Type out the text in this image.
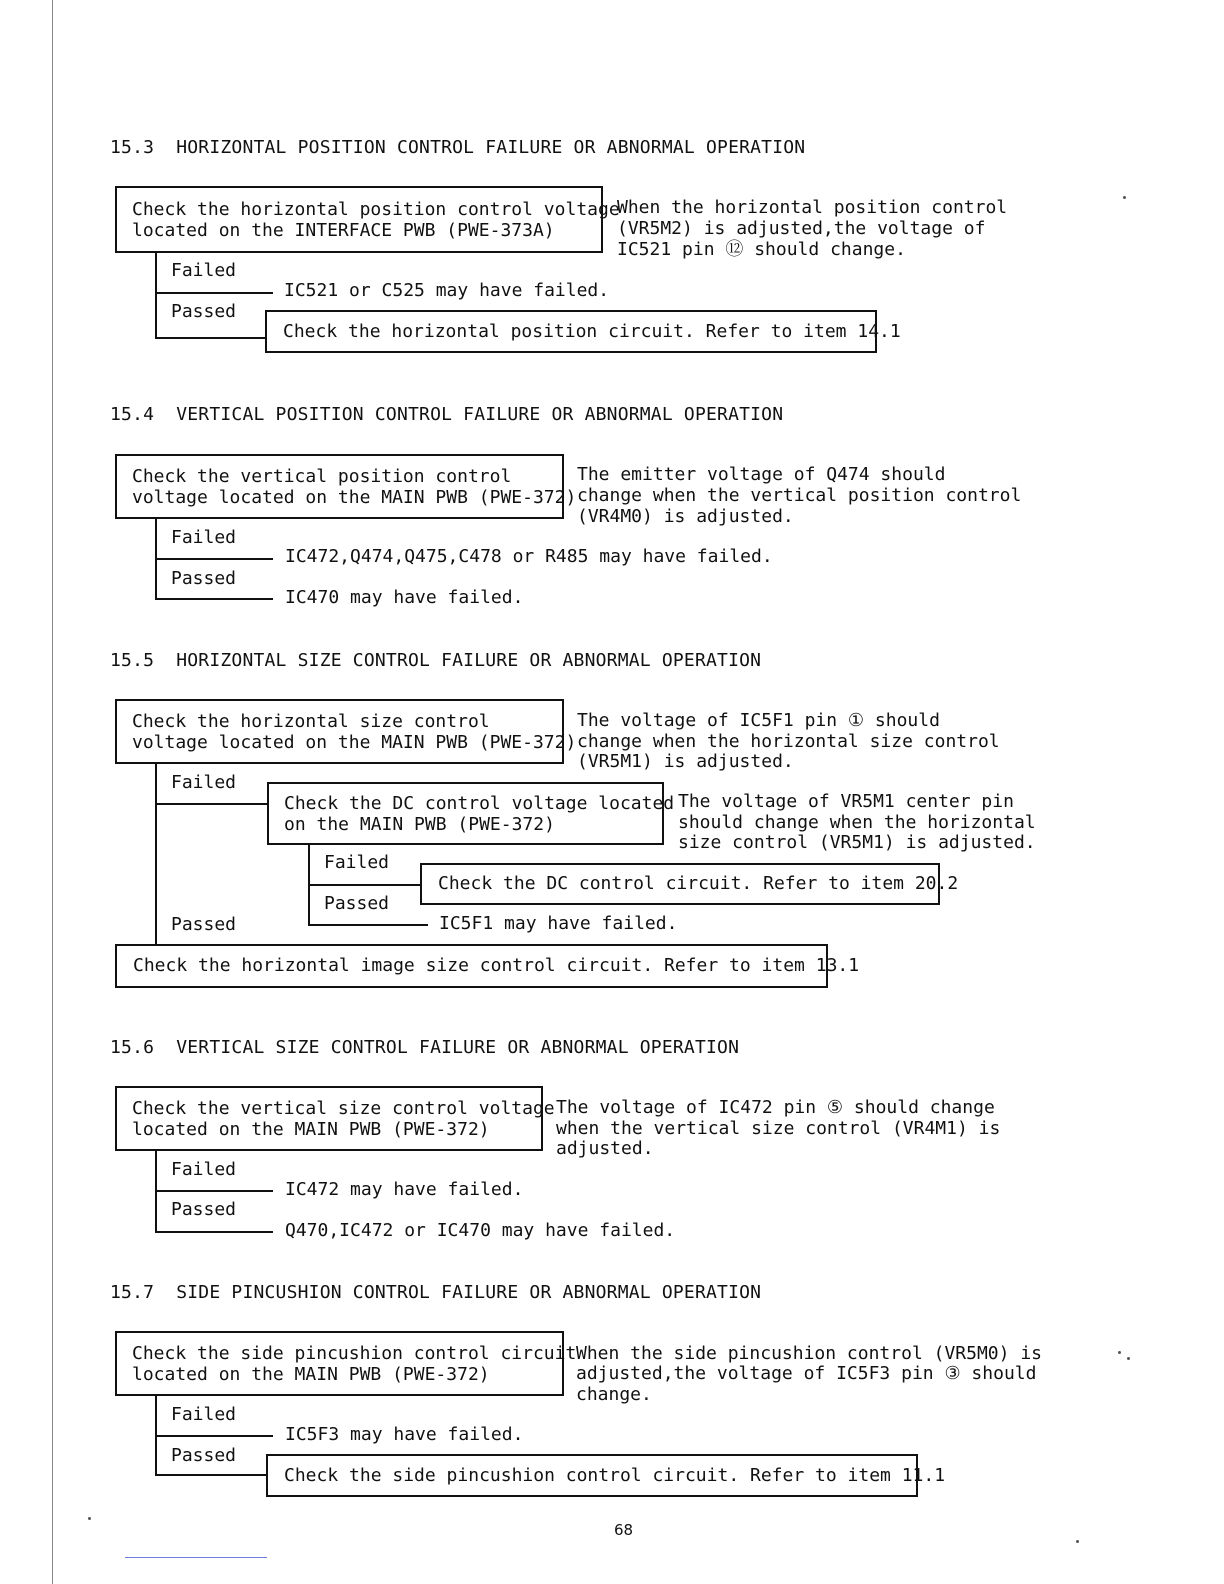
15.3  HORIZONTAL POSITION CONTROL FAILURE OR ABNORMAL OPERATION
Check the horizontal position control voltage
located on the INTERFACE PWB (PWE-373A)
When the horizontal position control
(VR5M2) is adjusted,the voltage of
IC521 pin ⑫ should change.
Failed
IC521 or C525 may have failed.
Passed
Check the horizontal position circuit. Refer to item 14.1
15.4  VERTICAL POSITION CONTROL FAILURE OR ABNORMAL OPERATION
Check the vertical position control
voltage located on the MAIN PWB (PWE-372)
The emitter voltage of Q474 should
change when the vertical position control
(VR4M0) is adjusted.
Failed
IC472,Q474,Q475,C478 or R485 may have failed.
Passed
IC470 may have failed.
15.5  HORIZONTAL SIZE CONTROL FAILURE OR ABNORMAL OPERATION
Check the horizontal size control
voltage located on the MAIN PWB (PWE-372)
The voltage of IC5F1 pin ① should
change when the horizontal size control
(VR5M1) is adjusted.
Failed
Check the DC control voltage located
on the MAIN PWB (PWE-372)
The voltage of VR5M1 center pin
should change when the horizontal
size control (VR5M1) is adjusted.
Failed
Check the DC control circuit. Refer to item 20.2
Passed
IC5F1 may have failed.
Passed
Check the horizontal image size control circuit. Refer to item 13.1
15.6  VERTICAL SIZE CONTROL FAILURE OR ABNORMAL OPERATION
Check the vertical size control voltage
located on the MAIN PWB (PWE-372)
The voltage of IC472 pin ⑤ should change
when the vertical size control (VR4M1) is
adjusted.
Failed
IC472 may have failed.
Passed
Q470,IC472 or IC470 may have failed.
15.7  SIDE PINCUSHION CONTROL FAILURE OR ABNORMAL OPERATION
Check the side pincushion control circuit
located on the MAIN PWB (PWE-372)
When the side pincushion control (VR5M0) is
adjusted,the voltage of IC5F3 pin ③ should
change.
Failed
IC5F3 may have failed.
Passed
Check the side pincushion control circuit. Refer to item 11.1
68
